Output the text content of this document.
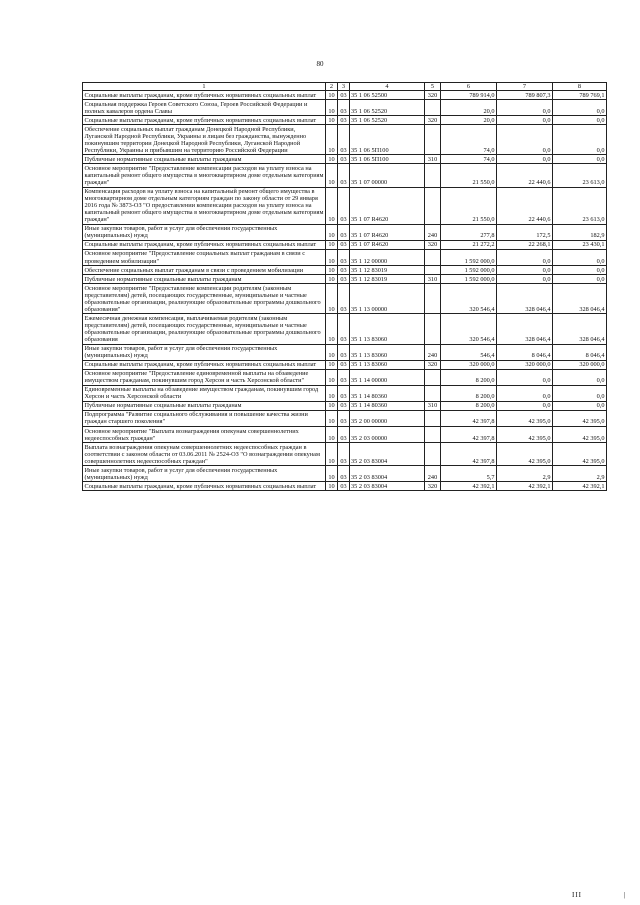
80
1	2	3	4	5	6	7	8
Социальные выплаты гражданам, кроме публичных нормативных социальных выплат	10	03	35 1 06 52500	320	789 914,0	789 807,3	789 769,1
Социальная поддержка Героев Советского Союза, Героев Российской Федерации и полных кавалеров ордена Славы	10	03	35 1 06 52520		20,0	0,0	0,0
Социальные выплаты гражданам, кроме публичных нормативных социальных выплат	10	03	35 1 06 52520	320	20,0	0,0	0,0
Обеспечение социальных выплат гражданам Донецкой Народной Республики, Луганской Народной Республики, Украины и лицам без гражданства, вынужденно покинувшим территории Донецкой Народной Республики, Луганской Народной Республики, Украины и прибывшим на территорию Российской Федерации	10	03	35 1 06 5П100		74,0	0,0	0,0
Публичные нормативные социальные выплаты гражданам	10	03	35 1 06 5П100	310	74,0	0,0	0,0
Основное мероприятие "Предоставление компенсации расходов на уплату взноса на капитальный ремонт общего имущества в многоквартирном доме отдельным категориям граждан"	10	03	35 1 07 00000		21 550,0	22 440,6	23 613,0
Компенсация расходов на уплату взноса на капитальный ремонт общего имущества в многоквартирном доме отдельным категориям граждан по закону области от 29 января 2016 года № 3873-ОЗ "О предоставлении компенсации расходов на уплату взноса на капитальный ремонт общего имущества в многоквартирном доме отдельным категориям граждан"	10	03	35 1 07 R4620		21 550,0	22 440,6	23 613,0
Иные закупки товаров, работ и услуг для обеспечения государственных (муниципальных) нужд	10	03	35 1 07 R4620	240	277,8	172,5	182,9
Социальные выплаты гражданам, кроме публичных нормативных социальных выплат	10	03	35 1 07 R4620	320	21 272,2	22 268,1	23 430,1
Основное мероприятие "Предоставление социальных выплат гражданам в связи с проведением мобилизации"	10	03	35 1 12 00000		1 592 000,0	0,0	0,0
Обеспечение социальных выплат гражданам в связи с проведением мобилизации	10	03	35 1 12 83019		1 592 000,0	0,0	0,0
Публичные нормативные социальные выплаты гражданам	10	03	35 1 12 83019	310	1 592 000,0	0,0	0,0
Основное мероприятие "Предоставление компенсации родителям (законным представителям) детей, посещающих государственные, муниципальные и частные образовательные организации, реализующие образовательные программы дошкольного образования"	10	03	35 1 13 00000		320 546,4	328 046,4	328 046,4
Ежемесячная денежная компенсация, выплачиваемая родителям (законным представителям) детей, посещающих государственные, муниципальные и частные образовательные организации, реализующие образовательные программы дошкольного образования	10	03	35 1 13 83060		320 546,4	328 046,4	328 046,4
Иные закупки товаров, работ и услуг для обеспечения государственных (муниципальных) нужд	10	03	35 1 13 83060	240	546,4	8 046,4	8 046,4
Социальные выплаты гражданам, кроме публичных нормативных социальных выплат	10	03	35 1 13 83060	320	320 000,0	320 000,0	320 000,0
Основное мероприятие "Предоставление единовременной выплаты на обзаведение имуществом гражданам, покинувшим город Херсон и часть Херсонской области"	10	03	35 1 14 00000		8 200,0	0,0	0,0
Единовременные выплаты на обзаведение имуществом гражданам, покинувшим город Херсон и часть Херсонской области	10	03	35 1 14 80360		8 200,0	0,0	0,0
Публичные нормативные социальные выплаты гражданам	10	03	35 1 14 80360	310	8 200,0	0,0	0,0
Подпрограмма "Развитие социального обслуживания и повышение качества жизни граждан старшего поколения"	10	03	35 2 00 00000		42 397,8	42 395,0	42 395,0
Основное мероприятие "Выплата вознаграждения опекунам совершеннолетних недееспособных граждан"	10	03	35 2 03 00000		42 397,8	42 395,0	42 395,0
Выплата вознаграждения опекунам совершеннолетних недееспособных граждан в соответствии с законом области от 03.06.2011 № 2524-ОЗ "О вознаграждении опекунам совершеннолетних недееспособных граждан"	10	03	35 2 03 83004		42 397,8	42 395,0	42 395,0
Иные закупки товаров, работ и услуг для обеспечения государственных (муниципальных) нужд	10	03	35 2 03 83004	240	5,7	2,9	2,9
Социальные выплаты гражданам, кроме публичных нормативных социальных выплат	10	03	35 2 03 83004	320	42 392,1	42 392,1	42 392,1
III	|
